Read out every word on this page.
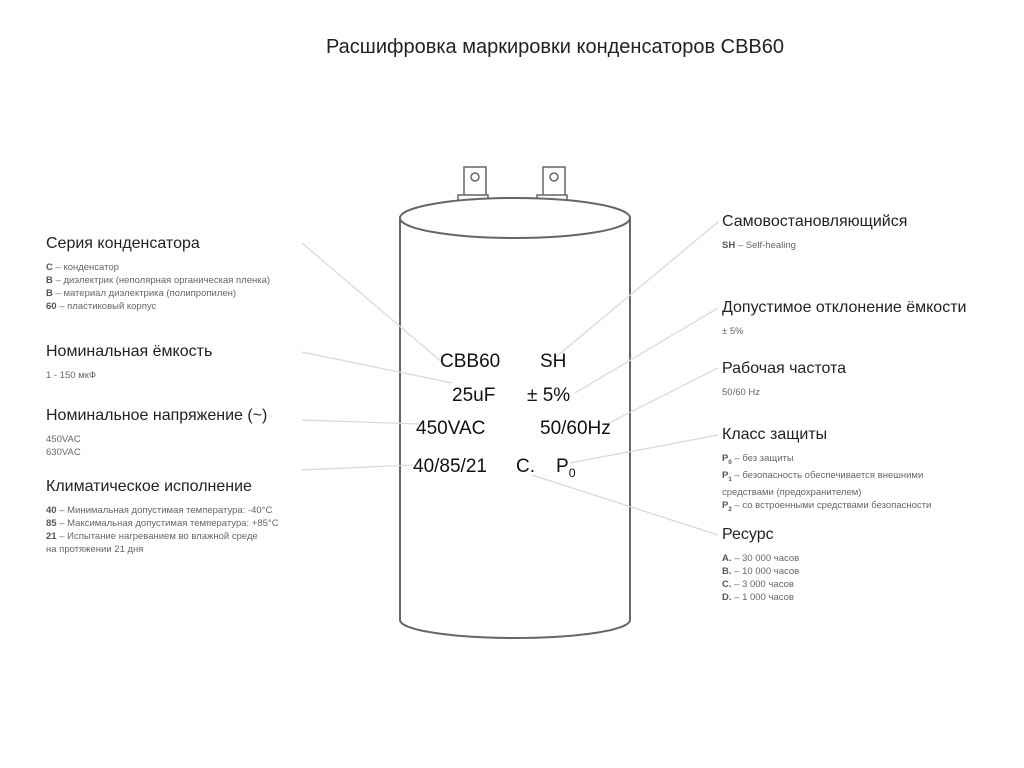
Расшифровка маркировки конденсаторов CBB60
CBB60 SH
25uF ± 5%
450VAC	50/60Hz
40/85/21 C. $P_0$
Серия конденсатора
C – конденсатор
B – диэлектрик (неполярная органическая пленка)
B – материал диэлектрика (полипропилен)
60 – пластиковый корпус
Номинальная ёмкость
1 - 150 мкФ
Номинальное напряжение (~)
450VAC
630VAC
Климатическое исполнение
40 – Минимальная допустимая температура: -40°C
85 – Максимальная допустимая температура: +85°C
21 – Испытание нагреванием во влажной среде
на протяжении 21 дня
Самовостановляющийся
SH – Self-healing
Допустимое отклонение ёмкости
± 5%
Рабочая частота
50/60 Hz
Класс защиты
$P_0$ – без защиты
$P_1$ – безопасность обеспечивается внешними
средствами (предохранителем)
$P_2$ – со встроенными средствами безопасности
Ресурс
A. – 30 000 часов
B. – 10 000 часов
C. – 3 000 часов
D. – 1 000 часов
